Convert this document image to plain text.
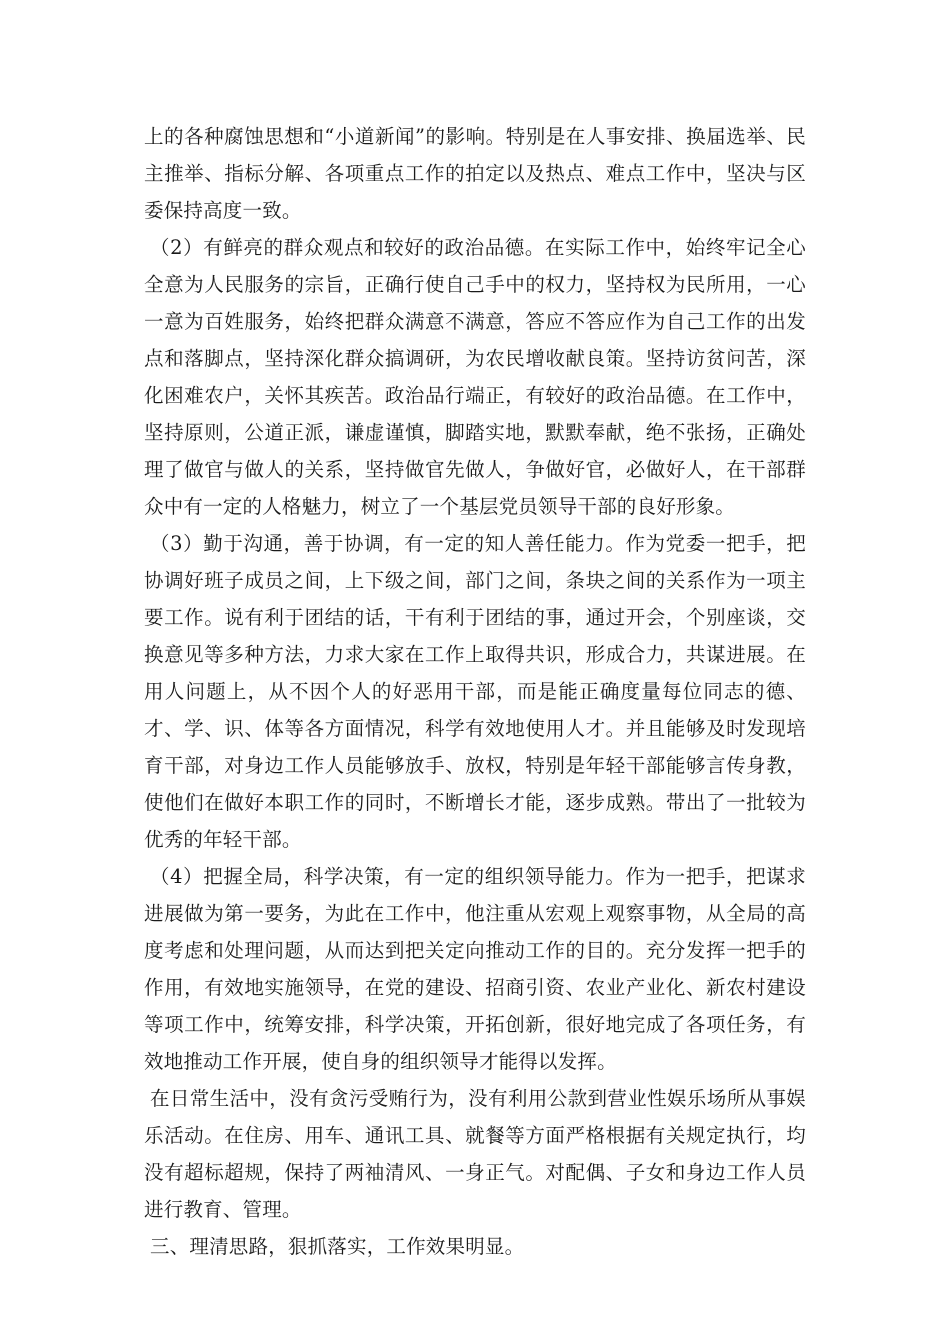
上的各种腐蚀思想和“小道新闻”的影响。特别是在人事安排、换届选举、民主推举、指标分解、各项重点工作的拍定以及热点、难点工作中，坚决与区委保持高度一致。

（2）有鲜亮的群众观点和较好的政治品德。在实际工作中，始终牢记全心全意为人民服务的宗旨，正确行使自己手中的权力，坚持权为民所用，一心一意为百姓服务，始终把群众满意不满意，答应不答应作为自己工作的出发点和落脚点，坚持深化群众搞调研，为农民增收献良策。坚持访贫问苦，深化困难农户，关怀其疾苦。政治品行端正，有较好的政治品德。在工作中，坚持原则，公道正派，谦虚谨慎，脚踏实地，默默奉献，绝不张扬，正确处理了做官与做人的关系，坚持做官先做人，争做好官，必做好人，在干部群众中有一定的人格魅力，树立了一个基层党员领导干部的良好形象。

（3）勤于沟通，善于协调，有一定的知人善任能力。作为党委一把手，把协调好班子成员之间，上下级之间，部门之间，条块之间的关系作为一项主要工作。说有利于团结的话，干有利于团结的事，通过开会，个别座谈，交换意见等多种方法，力求大家在工作上取得共识，形成合力，共谋进展。在用人问题上，从不因个人的好恶用干部，而是能正确度量每位同志的德、才、学、识、体等各方面情况，科学有效地使用人才。并且能够及时发现培育干部，对身边工作人员能够放手、放权，特别是年轻干部能够言传身教，使他们在做好本职工作的同时，不断增长才能，逐步成熟。带出了一批较为优秀的年轻干部。

（4）把握全局，科学决策，有一定的组织领导能力。作为一把手，把谋求进展做为第一要务，为此在工作中，他注重从宏观上观察事物，从全局的高度考虑和处理问题，从而达到把关定向推动工作的目的。充分发挥一把手的作用，有效地实施领导，在党的建设、招商引资、农业产业化、新农村建设等项工作中，统筹安排，科学决策，开拓创新，很好地完成了各项任务，有效地推动工作开展，使自身的组织领导才能得以发挥。

在日常生活中，没有贪污受贿行为，没有利用公款到营业性娱乐场所从事娱乐活动。在住房、用车、通讯工具、就餐等方面严格根据有关规定执行，均没有超标超规，保持了两袖清风、一身正气。对配偶、子女和身边工作人员进行教育、管理。

三、理清思路，狠抓落实，工作效果明显。
